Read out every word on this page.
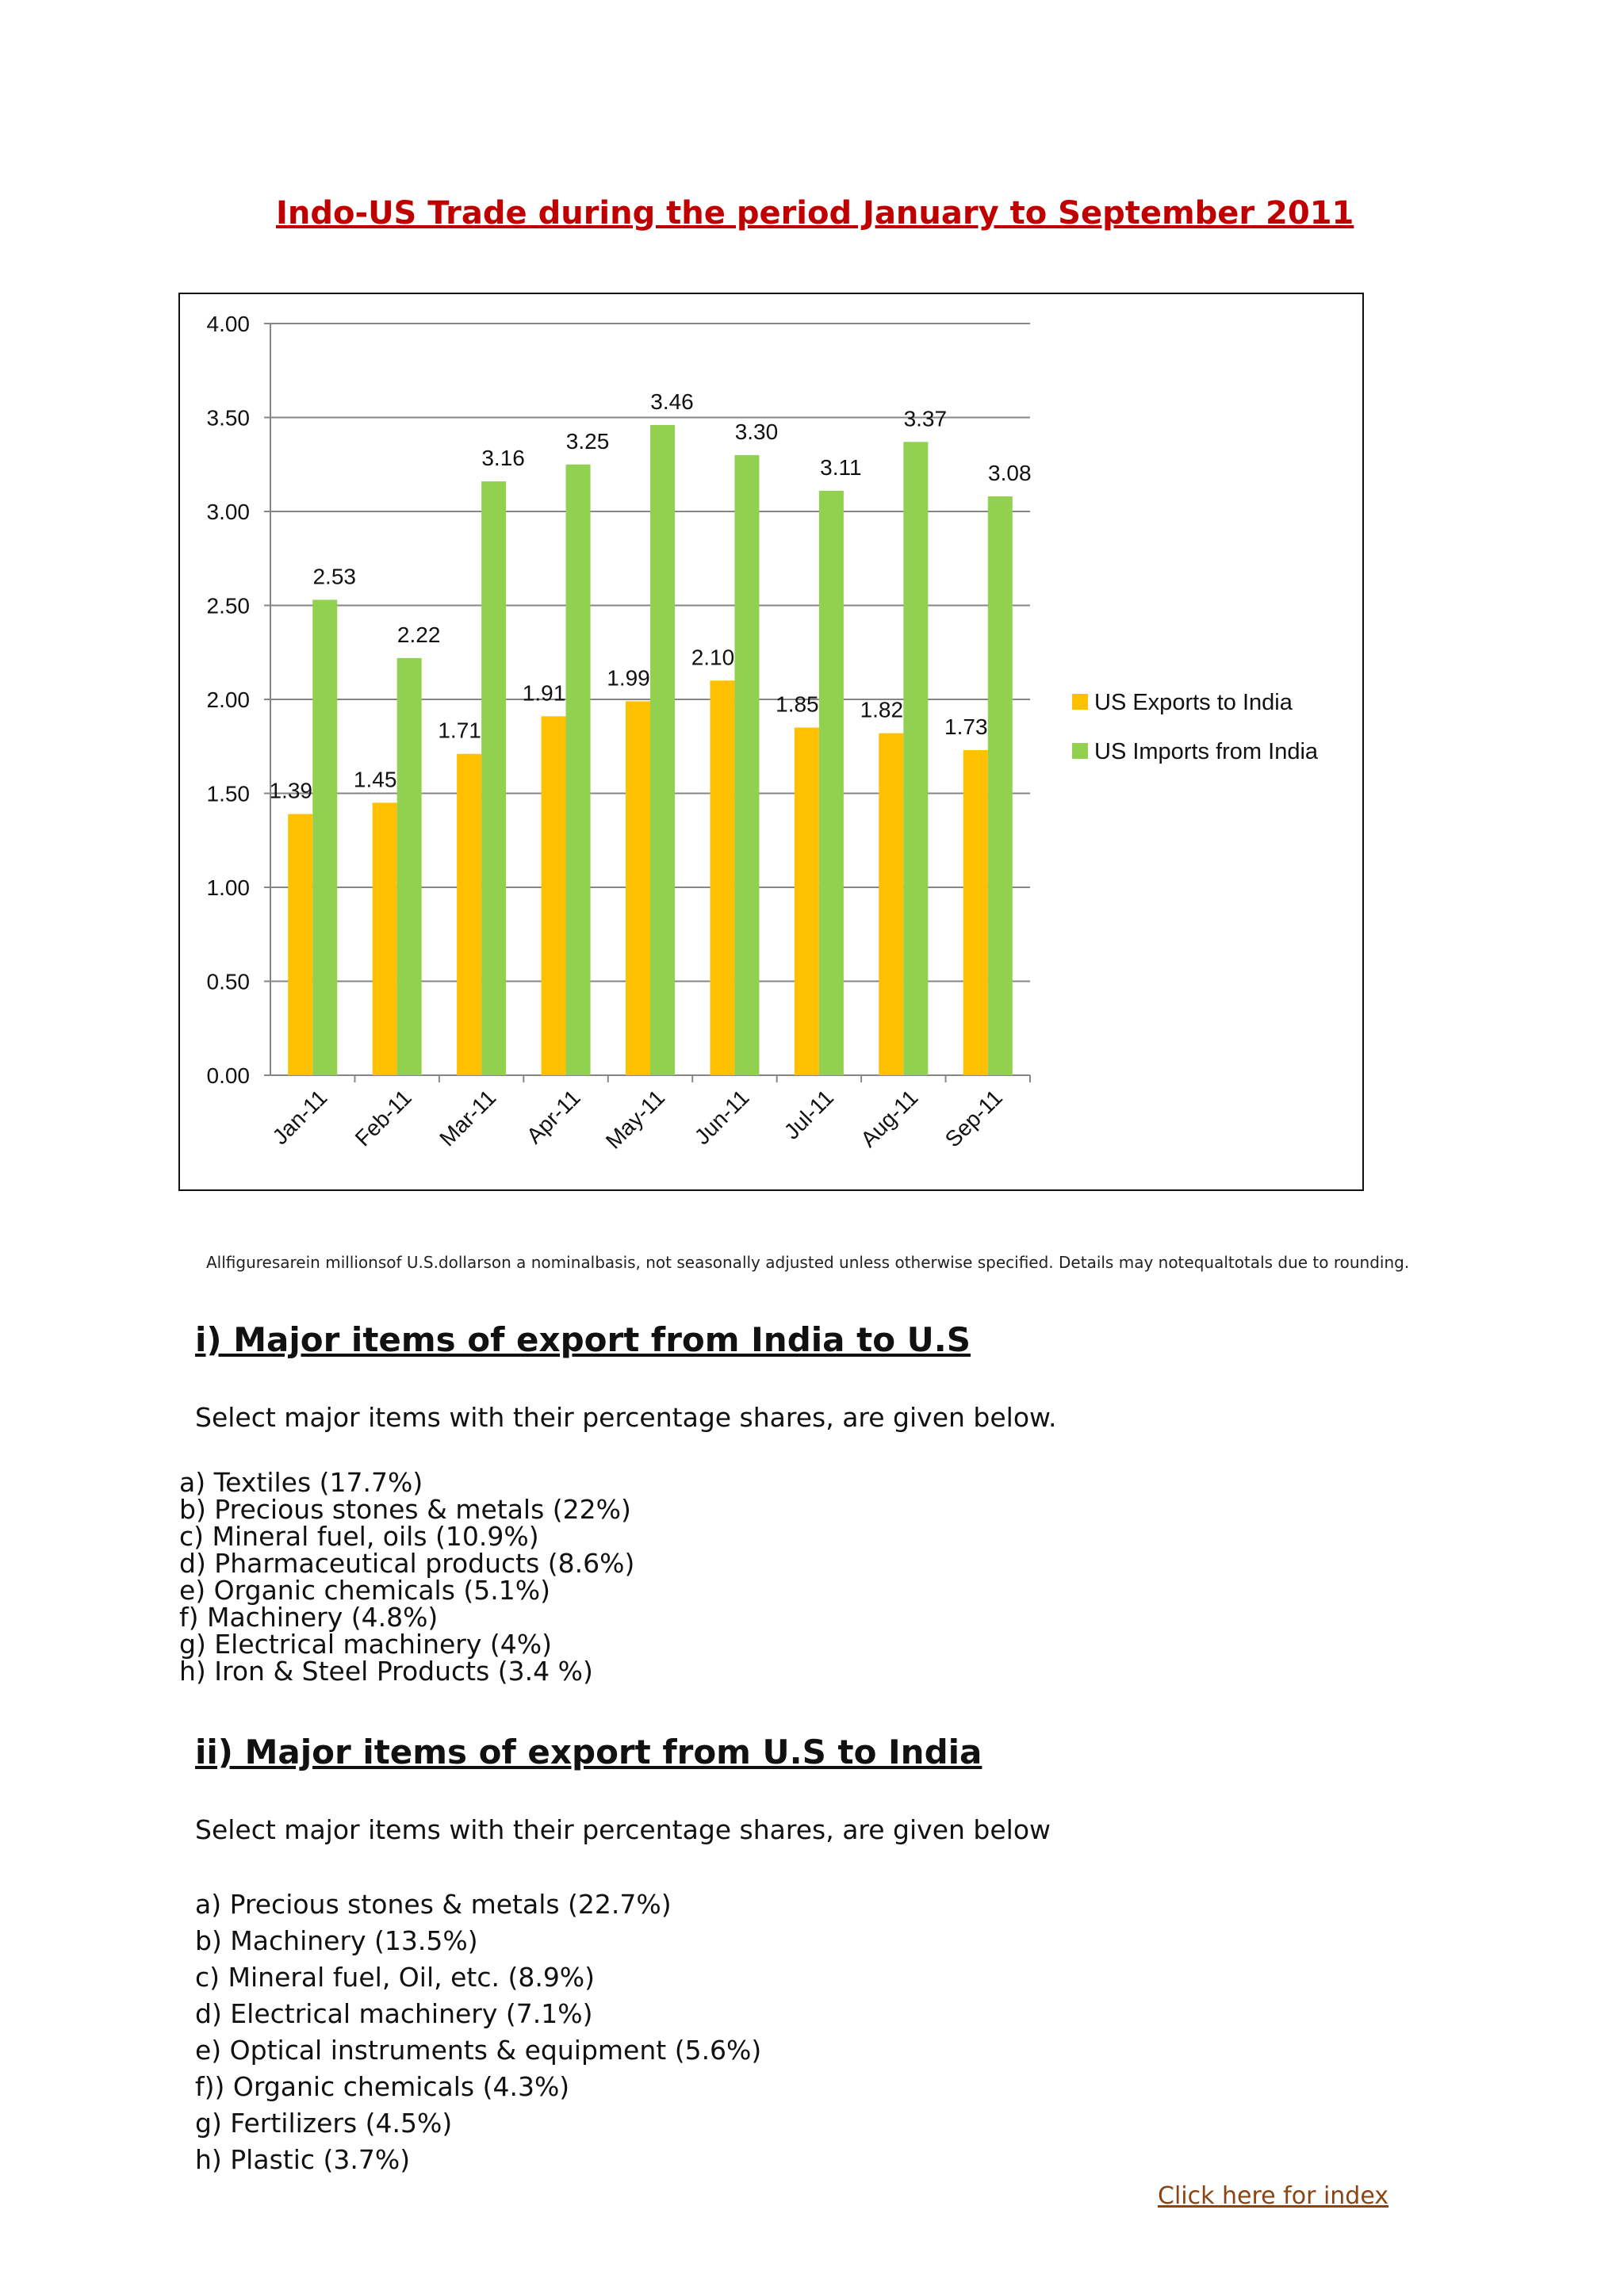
Indo-US Trade during the period January to September 2011
0.00
0.50
1.00
1.50
2.00
2.50
3.00
3.50
4.00
1.39
2.53
Jan-11
1.45
2.22
Feb-11
1.71
3.16
Mar-11
1.91
3.25
Apr-11
1.99
3.46
May-11
2.10
3.30
Jun-11
1.85
3.11
Jul-11
1.82
3.37
Aug-11
1.73
3.08
Sep-11
US Exports to India
US Imports from India
Allfiguresarein millionsof U.S.dollarson a nominalbasis, not seasonally adjusted unless otherwise specified. Details may notequaltotals due to rounding.
i) Major items of export from India to U.S
Select major items with their percentage shares, are given below.
a) Textiles (17.7%)
b) Precious stones & metals (22%)
c) Mineral fuel, oils (10.9%)
d) Pharmaceutical products (8.6%)
e) Organic chemicals (5.1%)
f) Machinery (4.8%)
g) Electrical machinery (4%)
h) Iron & Steel Products (3.4 %)
ii) Major items of export from U.S to India
Select major items with their percentage shares, are given below
a) Precious stones & metals (22.7%)
b) Machinery (13.5%)
c) Mineral fuel, Oil, etc. (8.9%)
d) Electrical machinery (7.1%)
e) Optical instruments & equipment (5.6%)
f)) Organic chemicals (4.3%)
g) Fertilizers (4.5%)
h) Plastic (3.7%)
Click here for index
